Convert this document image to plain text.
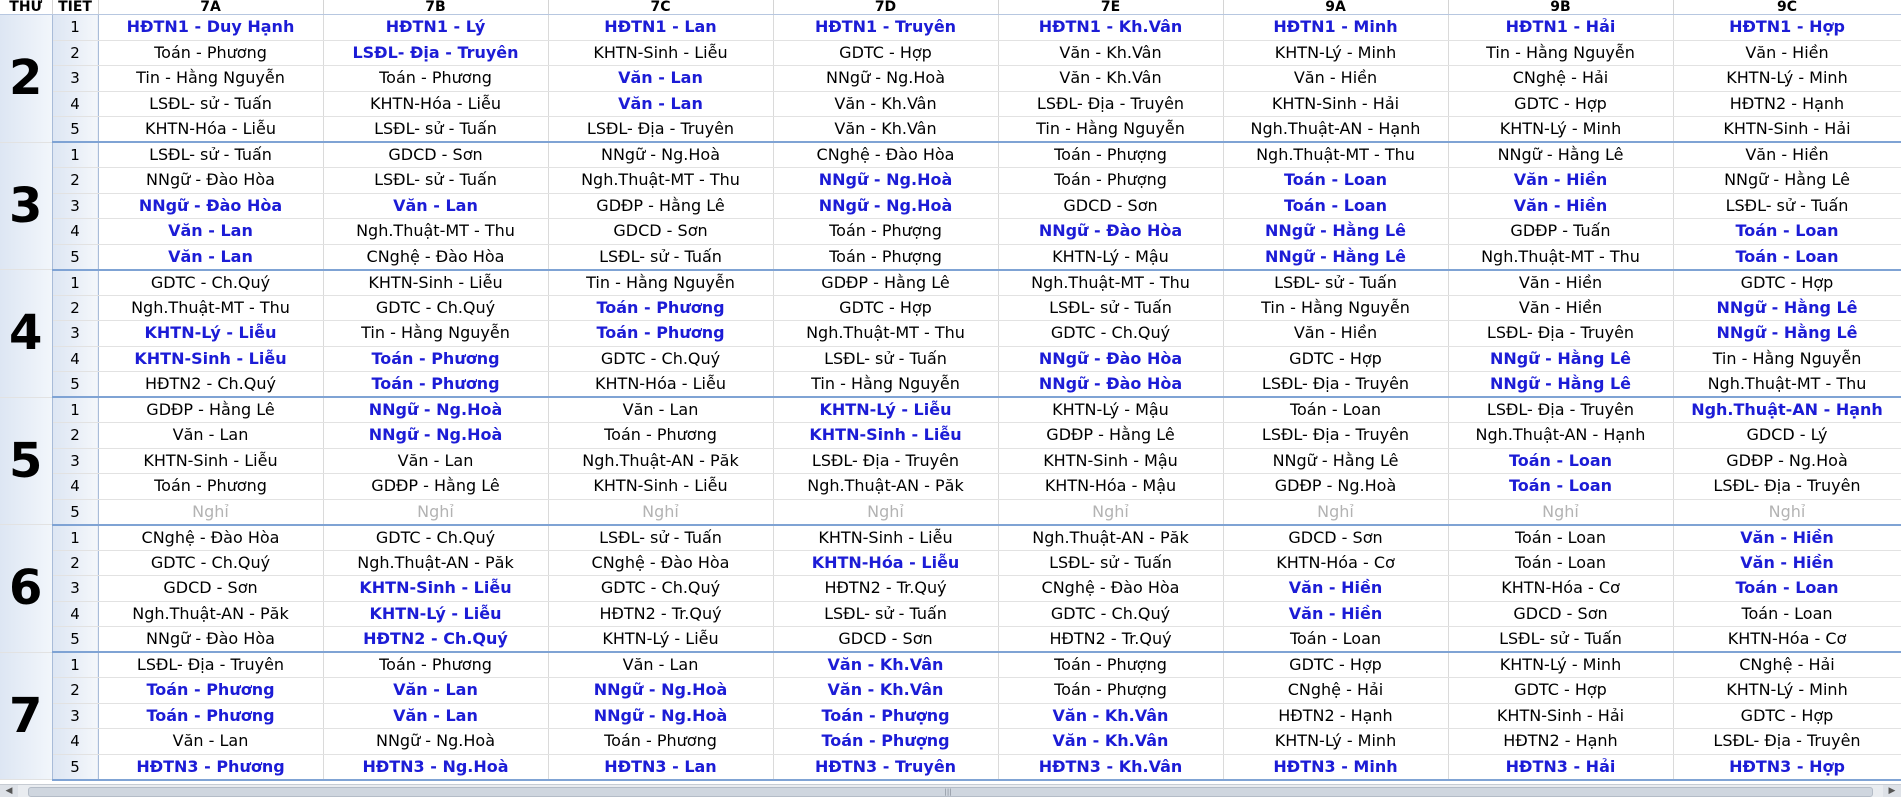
THỨ	TIẾT	7A	7B	7C	7D	7E	9A	9B	9C
2	1	HĐTN1 - Duy Hạnh	HĐTN1 - Lý	HĐTN1 - Lan	HĐTN1 - Truyên	HĐTN1 - Kh.Vân	HĐTN1 - Minh	HĐTN1 - Hải	HĐTN1 - Hợp
	2	Toán - Phương	LSĐL- Địa - Truyên	KHTN-Sinh - Liễu	GDTC - Hợp	Văn - Kh.Vân	KHTN-Lý - Minh	Tin - Hằng Nguyễn	Văn - Hiền
	3	Tin - Hằng Nguyễn	Toán - Phương	Văn - Lan	NNgữ - Ng.Hoà	Văn - Kh.Vân	Văn - Hiền	CNghệ - Hải	KHTN-Lý - Minh
	4	LSĐL- sử - Tuấn	KHTN-Hóa - Liễu	Văn - Lan	Văn - Kh.Vân	LSĐL- Địa - Truyên	KHTN-Sinh - Hải	GDTC - Hợp	HĐTN2 - Hạnh
	5	KHTN-Hóa - Liễu	LSĐL- sử - Tuấn	LSĐL- Địa - Truyên	Văn - Kh.Vân	Tin - Hằng Nguyễn	Ngh.Thuật-AN - Hạnh	KHTN-Lý - Minh	KHTN-Sinh - Hải
3	1	LSĐL- sử - Tuấn	GDCD - Sơn	NNgữ - Ng.Hoà	CNghệ - Đào Hòa	Toán - Phượng	Ngh.Thuật-MT - Thu	NNgữ - Hằng Lê	Văn - Hiền
	2	NNgữ - Đào Hòa	LSĐL- sử - Tuấn	Ngh.Thuật-MT - Thu	NNgữ - Ng.Hoà	Toán - Phượng	Toán - Loan	Văn - Hiền	NNgữ - Hằng Lê
	3	NNgữ - Đào Hòa	Văn - Lan	GDĐP - Hằng Lê	NNgữ - Ng.Hoà	GDCD - Sơn	Toán - Loan	Văn - Hiền	LSĐL- sử - Tuấn
	4	Văn - Lan	Ngh.Thuật-MT - Thu	GDCD - Sơn	Toán - Phượng	NNgữ - Đào Hòa	NNgữ - Hằng Lê	GDĐP - Tuấn	Toán - Loan
	5	Văn - Lan	CNghệ - Đào Hòa	LSĐL- sử - Tuấn	Toán - Phượng	KHTN-Lý - Mậu	NNgữ - Hằng Lê	Ngh.Thuật-MT - Thu	Toán - Loan
4	1	GDTC - Ch.Quý	KHTN-Sinh - Liễu	Tin - Hằng Nguyễn	GDĐP - Hằng Lê	Ngh.Thuật-MT - Thu	LSĐL- sử - Tuấn	Văn - Hiền	GDTC - Hợp
	2	Ngh.Thuật-MT - Thu	GDTC - Ch.Quý	Toán - Phương	GDTC - Hợp	LSĐL- sử - Tuấn	Tin - Hằng Nguyễn	Văn - Hiền	NNgữ - Hằng Lê
	3	KHTN-Lý - Liễu	Tin - Hằng Nguyễn	Toán - Phương	Ngh.Thuật-MT - Thu	GDTC - Ch.Quý	Văn - Hiền	LSĐL- Địa - Truyên	NNgữ - Hằng Lê
	4	KHTN-Sinh - Liễu	Toán - Phương	GDTC - Ch.Quý	LSĐL- sử - Tuấn	NNgữ - Đào Hòa	GDTC - Hợp	NNgữ - Hằng Lê	Tin - Hằng Nguyễn
	5	HĐTN2 - Ch.Quý	Toán - Phương	KHTN-Hóa - Liễu	Tin - Hằng Nguyễn	NNgữ - Đào Hòa	LSĐL- Địa - Truyên	NNgữ - Hằng Lê	Ngh.Thuật-MT - Thu
5	1	GDĐP - Hằng Lê	NNgữ - Ng.Hoà	Văn - Lan	KHTN-Lý - Liễu	KHTN-Lý - Mậu	Toán - Loan	LSĐL- Địa - Truyên	Ngh.Thuật-AN - Hạnh
	2	Văn - Lan	NNgữ - Ng.Hoà	Toán - Phương	KHTN-Sinh - Liễu	GDĐP - Hằng Lê	LSĐL- Địa - Truyên	Ngh.Thuật-AN - Hạnh	GDCD - Lý
	3	KHTN-Sinh - Liễu	Văn - Lan	Ngh.Thuật-AN - Păk	LSĐL- Địa - Truyên	KHTN-Sinh - Mậu	NNgữ - Hằng Lê	Toán - Loan	GDĐP - Ng.Hoà
	4	Toán - Phương	GDĐP - Hằng Lê	KHTN-Sinh - Liễu	Ngh.Thuật-AN - Păk	KHTN-Hóa - Mậu	GDĐP - Ng.Hoà	Toán - Loan	LSĐL- Địa - Truyên
	5	Nghỉ	Nghỉ	Nghỉ	Nghỉ	Nghỉ	Nghỉ	Nghỉ	Nghỉ
6	1	CNghệ - Đào Hòa	GDTC - Ch.Quý	LSĐL- sử - Tuấn	KHTN-Sinh - Liễu	Ngh.Thuật-AN - Păk	GDCD - Sơn	Toán - Loan	Văn - Hiền
	2	GDTC - Ch.Quý	Ngh.Thuật-AN - Păk	CNghệ - Đào Hòa	KHTN-Hóa - Liễu	LSĐL- sử - Tuấn	KHTN-Hóa - Cơ	Toán - Loan	Văn - Hiền
	3	GDCD - Sơn	KHTN-Sinh - Liễu	GDTC - Ch.Quý	HĐTN2 - Tr.Quý	CNghệ - Đào Hòa	Văn - Hiền	KHTN-Hóa - Cơ	Toán - Loan
	4	Ngh.Thuật-AN - Păk	KHTN-Lý - Liễu	HĐTN2 - Tr.Quý	LSĐL- sử - Tuấn	GDTC - Ch.Quý	Văn - Hiền	GDCD - Sơn	Toán - Loan
	5	NNgữ - Đào Hòa	HĐTN2 - Ch.Quý	KHTN-Lý - Liễu	GDCD - Sơn	HĐTN2 - Tr.Quý	Toán - Loan	LSĐL- sử - Tuấn	KHTN-Hóa - Cơ
7	1	LSĐL- Địa - Truyên	Toán - Phương	Văn - Lan	Văn - Kh.Vân	Toán - Phượng	GDTC - Hợp	KHTN-Lý - Minh	CNghệ - Hải
	2	Toán - Phương	Văn - Lan	NNgữ - Ng.Hoà	Văn - Kh.Vân	Toán - Phượng	CNghệ - Hải	GDTC - Hợp	KHTN-Lý - Minh
	3	Toán - Phương	Văn - Lan	NNgữ - Ng.Hoà	Toán - Phượng	Văn - Kh.Vân	HĐTN2 - Hạnh	KHTN-Sinh - Hải	GDTC - Hợp
	4	Văn - Lan	NNgữ - Ng.Hoà	Toán - Phương	Toán - Phượng	Văn - Kh.Vân	KHTN-Lý - Minh	HĐTN2 - Hạnh	LSĐL- Địa - Truyên
	5	HĐTN3 - Phương	HĐTN3 - Ng.Hoà	HĐTN3 - Lan	HĐTN3 - Truyên	HĐTN3 - Kh.Vân	HĐTN3 - Minh	HĐTN3 - Hải	HĐTN3 - Hợp
◀	|||	▶
